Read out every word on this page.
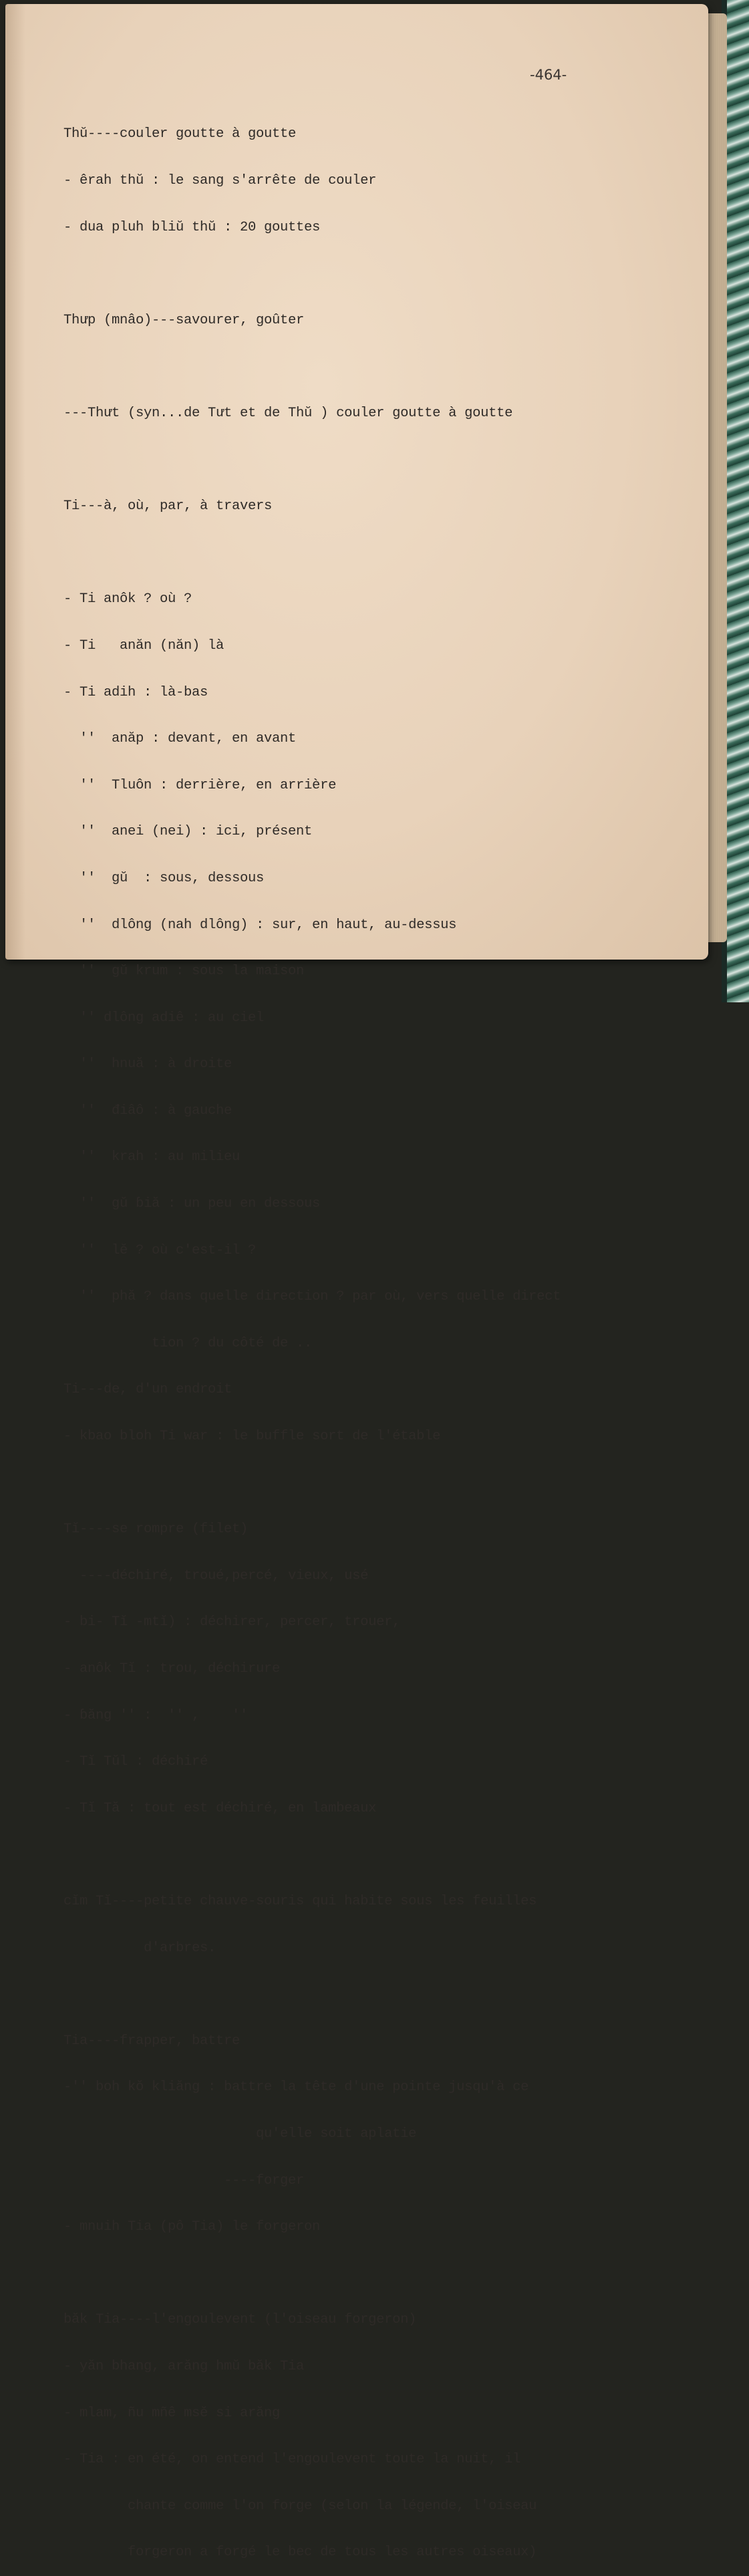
-464-

Thŭ----couler goutte à goutte

- êrah thŭ : le sang s'arrête de couler

- dua pluh bliŭ thŭ : 20 gouttes

Thưp (mnâo)---savourer, goûter

---Thưt (syn...de Tưt et de Thŭ ) couler goutte à goutte

Ti---à, où, par, à travers

- Ti anôk ? où ?

- Ti   anăn (năn) là

- Ti adih : là-bas

''  anăp : devant, en avant

''  Tluôn : derrière, en arrière

''  anei (nei) : ici, présent

''  gŭ  : sous, dessous

''  dlông (nah dlông) : sur, en haut, au-dessus

''  gŭ krum : sous la maison

'' dlông adiê : au ciel

''  hnuă : à droite

''  điâô : à gauche

''  krah : au milieu

''  gŭ ɓiă : un peu en dessous

''  lĕ ? où c'est-il ?

''  phă ? dans quelle direction ? par où, vers quelle direct

tion ? du côté de ..

Ti---de, d'un endroit

- kbao bloh Ti war : le buffle sort de l'étable

Tĭ----se rompre (filet)

----déchiré, troué,percé, vieux, usé

- bi- Tĭ -mtĭ) : déchirer, percer, trouer,

- anôk Tĭ : trou, déchirure

- ɓăng '' :  '' ,    ''

- Tĭ Tŭl : déchiré

- Tĭ Tă : tout est déchiré, en lambeaux

cĭm Tĭ----petite chauve-souris qui habite sous les feuilles

d'arbres.

Tia----frapper, battre

-'' boh kŏ kliăng : battre la tête d'une pointe jusqu'à ce

qu'elle soit aplatie

----forger

- mnuih Tia (pô Tia) le forgeron

băk Tia----l'engoulevent (l'oiseau forgeron)

- yăn bhang, arăng hmŭ băk Tia

- mlam, ñu mñê msĕ si arăng

- Tia : en été, on entend l'engoulevent toute la nuit, il

chante comme l'on forge (selon la légende, l'oiseau

forgeron a forgé le bec de tous les autres oiseaux)
